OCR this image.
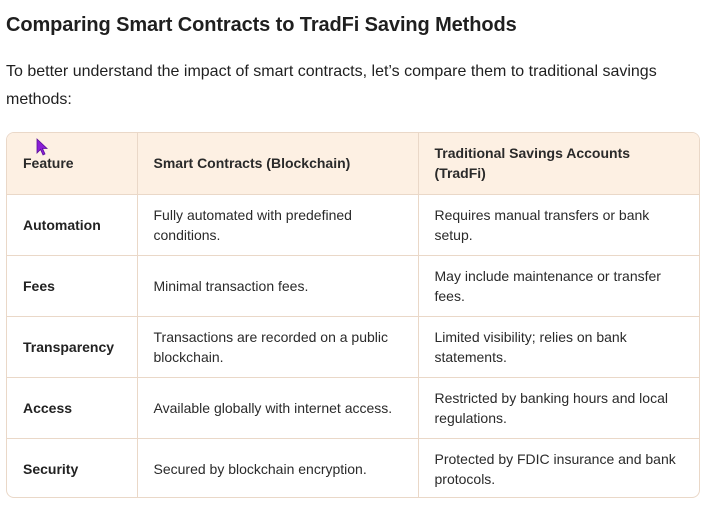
Comparing Smart Contracts to TradFi Saving Methods
To better understand the impact of smart contracts, let’s compare them to traditional savings methods:
Feature	Smart Contracts (Blockchain)	Traditional Savings Accounts (TradFi)
Automation	Fully automated with predefined conditions.	Requires manual transfers or bank setup.
Fees	Minimal transaction fees.	May include maintenance or transfer fees.
Transparency	Transactions are recorded on a public blockchain.	Limited visibility; relies on bank statements.
Access	Available globally with internet access.	Restricted by banking hours and local regulations.
Security	Secured by blockchain encryption.	Protected by FDIC insurance and bank protocols.
